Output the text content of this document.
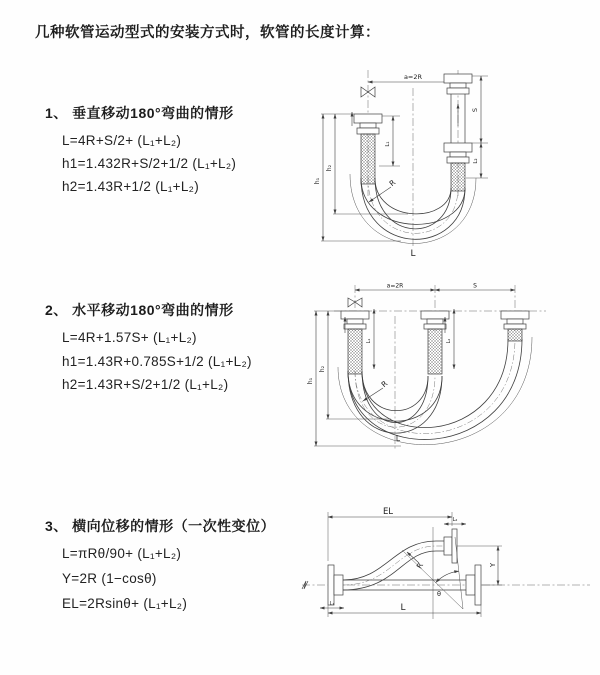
几种软管运动型式的安装方式时，软管的长度计算：
1、 垂直移动180°弯曲的情形
L=4R+S/2+ (L₁+L₂)
h1=1.432R+S/2+1/2 (L₁+L₂)
h2=1.43R+1/2 (L₁+L₂)
2、 水平移动180°弯曲的情形
L=4R+1.57S+ (L₁+L₂)
h1=1.43R+0.785S+1/2 (L₁+L₂)
h2=1.43R+S/2+1/2 (L₁+L₂)
3、 横向位移的情形（一次性变位）
L=πRθ/90+ (L₁+L₂)
Y=2R (1−cosθ)
EL=2Rsinθ+ (L₁+L₂)
a=2R
L₁
S
L₂
h₁
h₂
R
L
a=2R	S
L₁	L₂
h₁
h₂
R
L
EL
L₂
L₁
Y
L
R
θ
